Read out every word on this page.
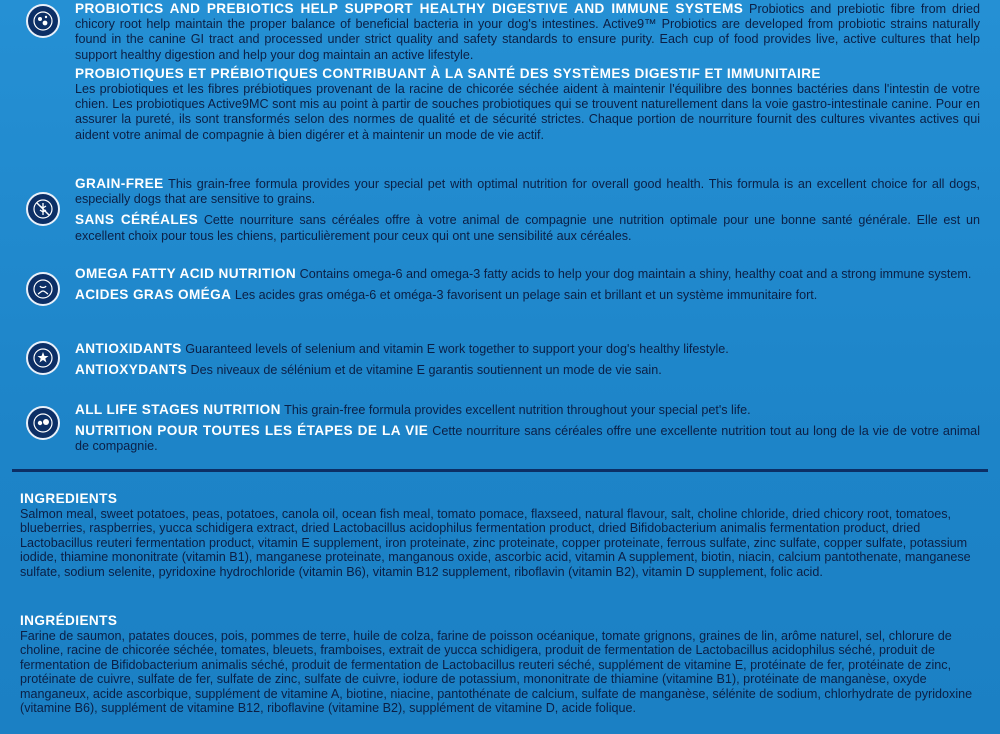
PROBIOTICS AND PREBIOTICS HELP SUPPORT HEALTHY DIGESTIVE AND IMMUNE SYSTEMS Probiotics and prebiotic fibre from dried chicory root help maintain the proper balance of beneficial bacteria in your dog's intestines. Active9™ Probiotics are developed from probiotic strains naturally found in the canine GI tract and processed under strict quality and safety standards to ensure purity. Each cup of food provides live, active cultures that help support healthy digestion and help your dog maintain an active lifestyle.

PROBIOTIQUES ET PRÉBIOTIQUES CONTRIBUANT À LA SANTÉ DES SYSTÈMES DIGESTIF ET IMMUNITAIRE
Les probiotiques et les fibres prébiotiques provenant de la racine de chicorée séchée aident à maintenir l'équilibre des bonnes bactéries dans l'intestin de votre chien. Les probiotiques Active9MC sont mis au point à partir de souches probiotiques qui se trouvent naturellement dans la voie gastro-intestinale canine. Pour en assurer la pureté, ils sont transformés selon des normes de qualité et de sécurité strictes. Chaque portion de nourriture fournit des cultures vivantes actives qui aident votre animal de compagnie à bien digérer et à maintenir un mode de vie actif.

GRAIN-FREE This grain-free formula provides your special pet with optimal nutrition for overall good health. This formula is an excellent choice for all dogs, especially dogs that are sensitive to grains.

SANS CÉRÉALES Cette nourriture sans céréales offre à votre animal de compagnie une nutrition optimale pour une bonne santé générale. Elle est un excellent choix pour tous les chiens, particulièrement pour ceux qui ont une sensibilité aux céréales.

OMEGA FATTY ACID NUTRITION Contains omega-6 and omega-3 fatty acids to help your dog maintain a shiny, healthy coat and a strong immune system.

ACIDES GRAS OMÉGA Les acides gras oméga-6 et oméga-3 favorisent un pelage sain et brillant et un système immunitaire fort.

ANTIOXIDANTS Guaranteed levels of selenium and vitamin E work together to support your dog's healthy lifestyle.

ANTIOXYDANTS Des niveaux de sélénium et de vitamine E garantis soutiennent un mode de vie sain.

ALL LIFE STAGES NUTRITION This grain-free formula provides excellent nutrition throughout your special pet's life.

NUTRITION POUR TOUTES LES ÉTAPES DE LA VIE Cette nourriture sans céréales offre une excellente nutrition tout au long de la vie de votre animal de compagnie.

INGREDIENTS

Salmon meal, sweet potatoes, peas, potatoes, canola oil, ocean fish meal, tomato pomace, flaxseed, natural flavour, salt, choline chloride, dried chicory root, tomatoes, blueberries, raspberries, yucca schidigera extract, dried Lactobacillus acidophilus fermentation product, dried Bifidobacterium animalis fermentation product, dried Lactobacillus reuteri fermentation product, vitamin E supplement, iron proteinate, zinc proteinate, copper proteinate, ferrous sulfate, zinc sulfate, copper sulfate, potassium iodide, thiamine mononitrate (vitamin B1), manganese proteinate, manganous oxide, ascorbic acid, vitamin A supplement, biotin, niacin, calcium pantothenate, manganese sulfate, sodium selenite, pyridoxine hydrochloride (vitamin B6), vitamin B12 supplement, riboflavin (vitamin B2), vitamin D supplement, folic acid.

INGRÉDIENTS

Farine de saumon, patates douces, pois, pommes de terre, huile de colza, farine de poisson océanique, tomate grignons, graines de lin, arôme naturel, sel, chlorure de choline, racine de chicorée séchée, tomates, bleuets, framboises, extrait de yucca schidigera, produit de fermentation de Lactobacillus acidophilus séché, produit de fermentation de Bifidobacterium animalis séché, produit de fermentation de Lactobacillus reuteri séché, supplément de vitamine E, protéinate de fer, protéinate de zinc, protéinate de cuivre, sulfate de fer, sulfate de zinc, sulfate de cuivre, iodure de potassium, mononitrate de thiamine (vitamine B1), protéinate de manganèse, oxyde manganeux, acide ascorbique, supplément de vitamine A, biotine, niacine, pantothénate de calcium, sulfate de manganèse, sélénite de sodium, chlorhydrate de pyridoxine (vitamine B6), supplément de vitamine B12, riboflavine (vitamine B2), supplément de vitamine D, acide folique.
